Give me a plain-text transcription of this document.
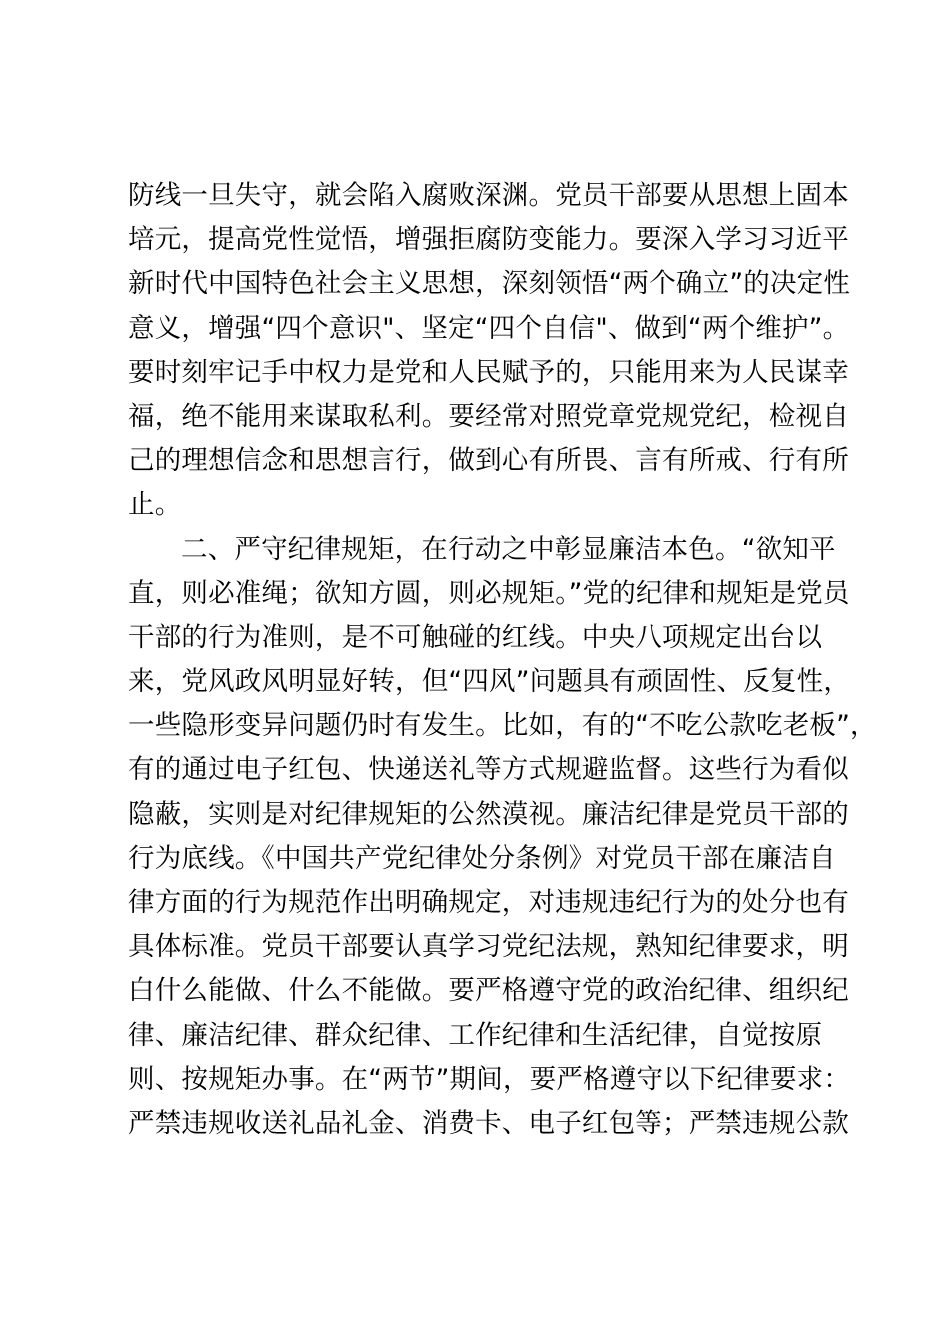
防线一旦失守，就会陷入腐败深渊。党员干部要从思想上固本
培元，提高党性觉悟，增强拒腐防变能力。要深入学习习近平
新时代中国特色社会主义思想，深刻领悟“两个确立”的决定性
意义，增强“四个意识"、坚定“四个自信"、做到“两个维护”。
要时刻牢记手中权力是党和人民赋予的，只能用来为人民谋幸
福，绝不能用来谋取私利。要经常对照党章党规党纪，检视自
己的理想信念和思想言行，做到心有所畏、言有所戒、行有所
止。
二、严守纪律规矩，在行动之中彰显廉洁本色。“欲知平
直，则必准绳；欲知方圆，则必规矩。”党的纪律和规矩是党员
干部的行为准则，是不可触碰的红线。中央八项规定出台以
来，党风政风明显好转，但“四风”问题具有顽固性、反复性，
一些隐形变异问题仍时有发生。比如，有的“不吃公款吃老板”，
有的通过电子红包、快递送礼等方式规避监督。这些行为看似
隐蔽，实则是对纪律规矩的公然漠视。廉洁纪律是党员干部的
行为底线。《中国共产党纪律处分条例》对党员干部在廉洁自
律方面的行为规范作出明确规定，对违规违纪行为的处分也有
具体标准。党员干部要认真学习党纪法规，熟知纪律要求，明
白什么能做、什么不能做。要严格遵守党的政治纪律、组织纪
律、廉洁纪律、群众纪律、工作纪律和生活纪律，自觉按原
则、按规矩办事。在“两节”期间，要严格遵守以下纪律要求：
严禁违规收送礼品礼金、消费卡、电子红包等；严禁违规公款
